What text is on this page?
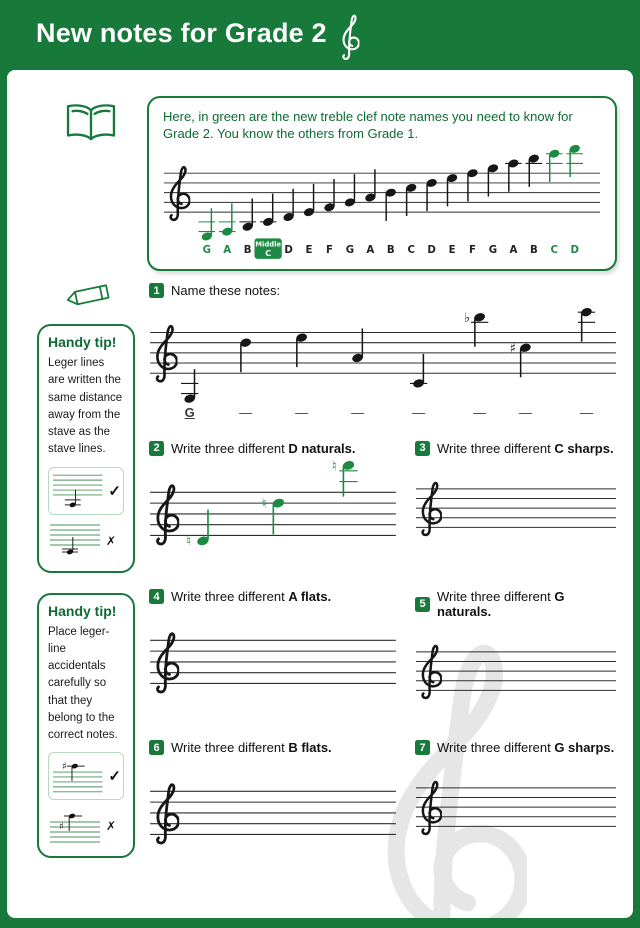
New notes for Grade 2

Here, in green are the new treble clef note names you need to know for Grade 2. You know the others from Grade 1.

G A B
Middle
C D E F G A B C D E F G A B C D
Handy tip!

Leger lines are written the same distance away from the stave as the stave lines.

✓
✗
Handy tip!

Place leger-line accidentals carefully so that they belong to the correct notes.

♯
✓
♯	✗
1 Name these notes:
♭
♯
G	—	—	—	—	—	—	—
2 Write three different D naturals.
♮
♮
♮
3 Write three different C sharps.
4 Write three different A flats.	5 Write three different G naturals.
6 Write three different B flats.	7 Write three different G sharps.
